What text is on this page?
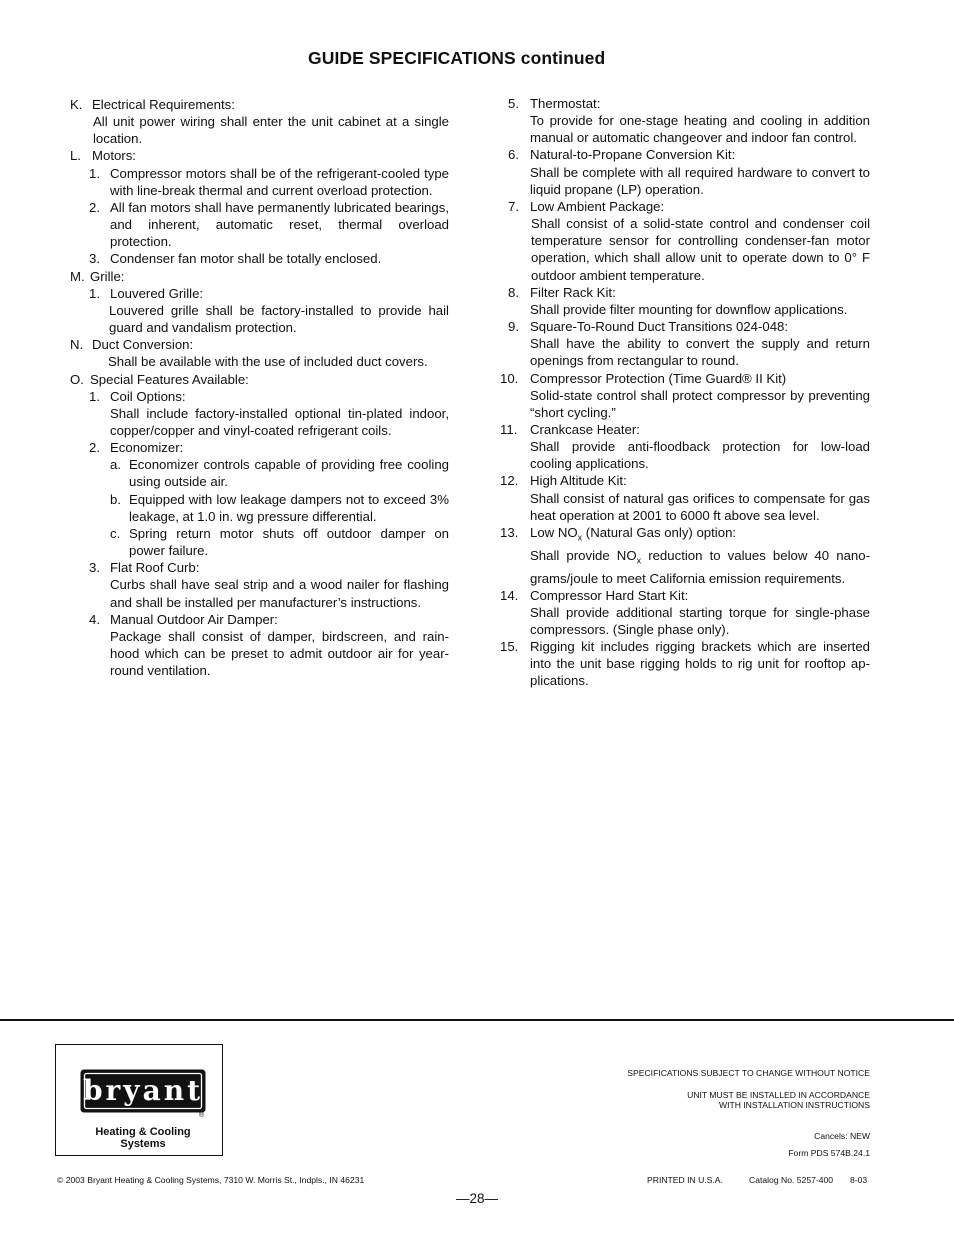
GUIDE SPECIFICATIONS continued
K. Electrical Requirements:
All unit power wiring shall enter the unit cabinet at a single location.
L. Motors:
1. Compressor motors shall be of the refrigerant-cooled type with line-break thermal and current overload protection.
2. All fan motors shall have permanently lubricated bearings, and inherent, automatic reset, thermal overload protection.
3. Condenser fan motor shall be totally enclosed.
M. Grille:
1. Louvered Grille:
Louvered grille shall be factory-installed to provide hail guard and vandalism protection.
N. Duct Conversion:
Shall be available with the use of included duct covers.
O. Special Features Available:
1. Coil Options:
Shall include factory-installed optional tin-plated indoor, copper/copper and vinyl-coated refrigerant coils.
2. Economizer:
a. Economizer controls capable of providing free cooling using outside air.
b. Equipped with low leakage dampers not to exceed 3% leakage, at 1.0 in. wg pressure differential.
c. Spring return motor shuts off outdoor damper on power failure.
3. Flat Roof Curb:
Curbs shall have seal strip and a wood nailer for flashing and shall be installed per manufacturer’s instructions.
4. Manual Outdoor Air Damper:
Package shall consist of damper, birdscreen, and rainhood which can be preset to admit outdoor air for year-round ventilation.
5. Thermostat:
To provide for one-stage heating and cooling in addition manual or automatic changeover and indoor fan control.
6. Natural-to-Propane Conversion Kit:
Shall be complete with all required hardware to convert to liquid propane (LP) operation.
7. Low Ambient Package:
Shall consist of a solid-state control and condenser coil temperature sensor for controlling condenser-fan motor operation, which shall allow unit to operate down to 0° F outdoor ambient temperature.
8. Filter Rack Kit:
Shall provide filter mounting for downflow applications.
9. Square-To-Round Duct Transitions 024-048:
Shall have the ability to convert the supply and return openings from rectangular to round.
10. Compressor Protection (Time Guard® II Kit)
Solid-state control shall protect compressor by preventing “short cycling.”
11. Crankcase Heater:
Shall provide anti-floodback protection for low-load cooling applications.
12. High Altitude Kit:
Shall consist of natural gas orifices to compensate for gas heat operation at 2001 to 6000 ft above sea level.
13. Low $NO_x$ (Natural Gas only) option:
Shall provide $NO_x$ reduction to values below 40 nanograms/joule to meet California emission requirements.
14. Compressor Hard Start Kit:
Shall provide additional starting torque for single-phase compressors. (Single phase only).
15. Rigging kit includes rigging brackets which are inserted into the unit base rigging holds to rig unit for rooftop applications.
bryant
®
Heating & Cooling Systems
SPECIFICATIONS SUBJECT TO CHANGE WITHOUT NOTICE
UNIT MUST BE INSTALLED IN ACCORDANCE
WITH INSTALLATION INSTRUCTIONS
Cancels: NEW
Form PDS 574B.24.1
© 2003 Bryant Heating & Cooling Systems, 7310 W. Morris St., Indpls., IN 46231	PRINTED IN U.S.A.	Catalog No. 5257-400 8-03
—28—
